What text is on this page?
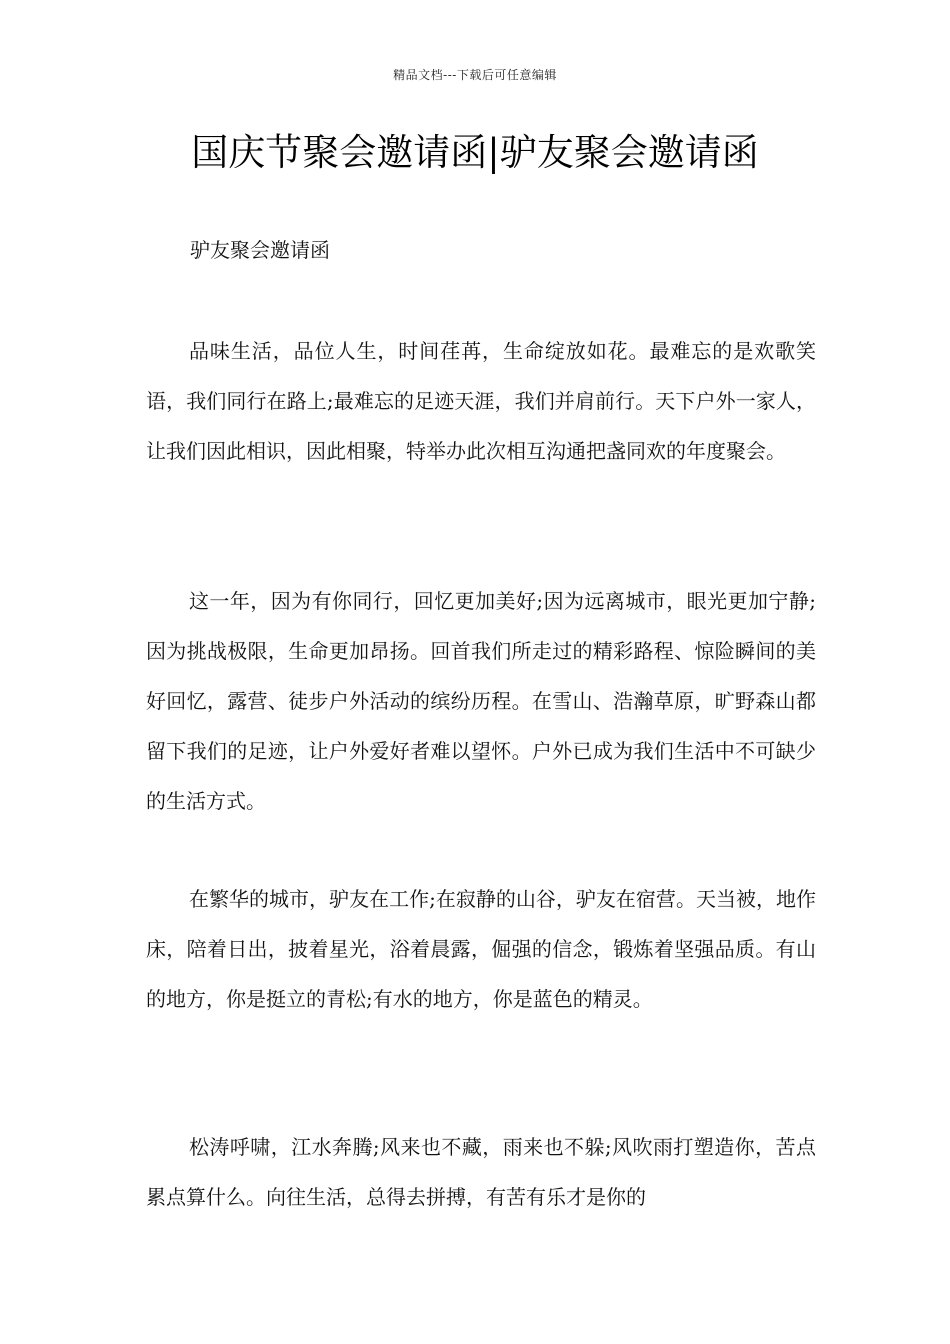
精品文档---下载后可任意编辑
国庆节聚会邀请函|驴友聚会邀请函
驴友聚会邀请函

品味生活，品位人生，时间荏苒，生命绽放如花。最难忘的是欢歌笑语，我们同行在路上;最难忘的足迹天涯，我们并肩前行。天下户外一家人，让我们因此相识，因此相聚，特举办此次相互沟通把盏同欢的年度聚会。

这一年，因为有你同行，回忆更加美好;因为远离城市，眼光更加宁静;因为挑战极限，生命更加昂扬。回首我们所走过的精彩路程、惊险瞬间的美好回忆，露营、徒步户外活动的缤纷历程。在雪山、浩瀚草原，旷野森山都留下我们的足迹，让户外爱好者难以望怀。户外已成为我们生活中不可缺少的生活方式。

在繁华的城市，驴友在工作;在寂静的山谷，驴友在宿营。天当被，地作床，陪着日出，披着星光，浴着晨露，倔强的信念，锻炼着坚强品质。有山的地方，你是挺立的青松;有水的地方，你是蓝色的精灵。

松涛呼啸，江水奔腾;风来也不藏，雨来也不躲;风吹雨打塑造你，苦点累点算什么。向往生活，总得去拼搏，有苦有乐才是你的
